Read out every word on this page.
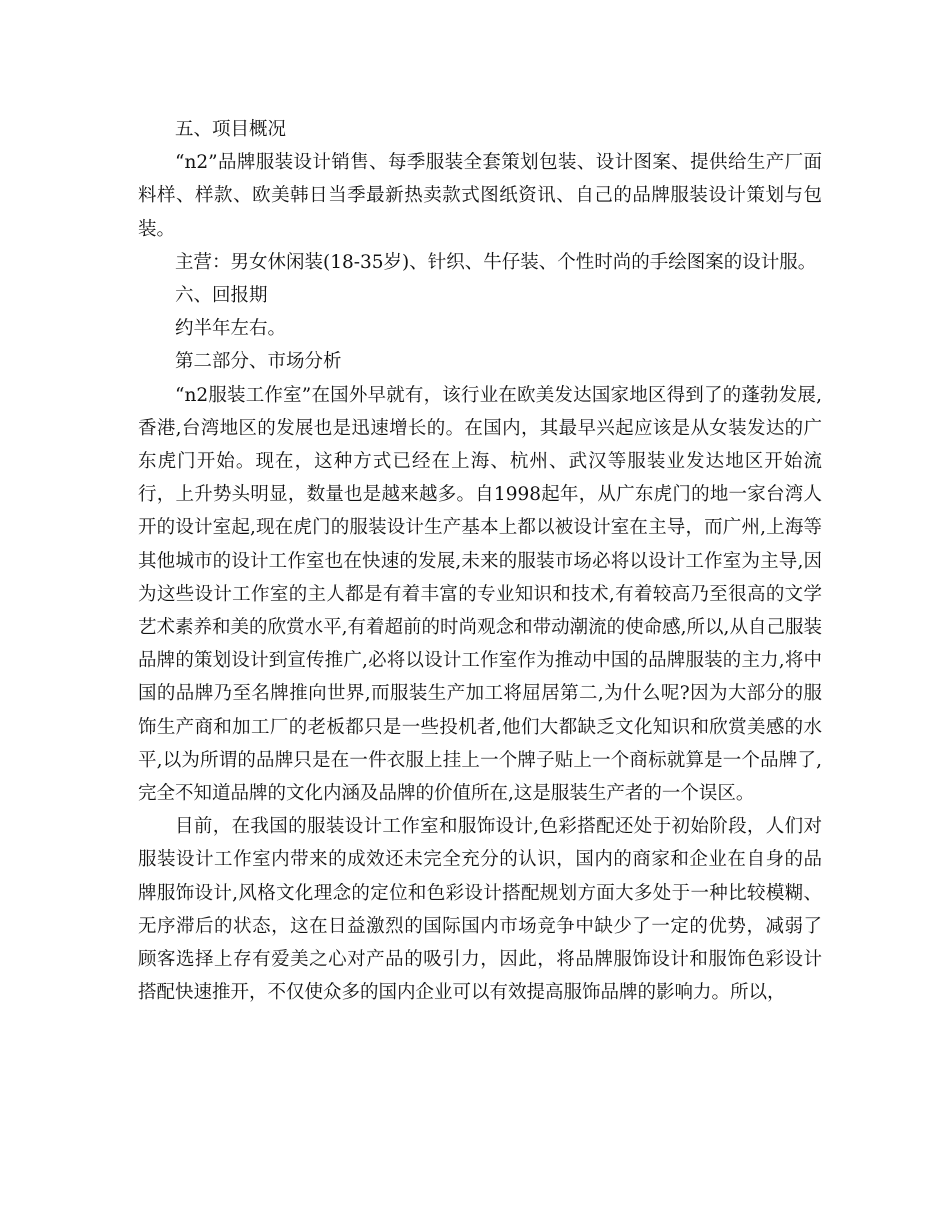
五、项目概况

“n2”品牌服装设计销售、每季服装全套策划包装、设计图案、提供给生产厂面料样、样款、欧美韩日当季最新热卖款式图纸资讯、自己的品牌服装设计策划与包装。

主营：男女休闲装(18-35岁)、针织、牛仔装、个性时尚的手绘图案的设计服。

六、回报期

约半年左右。

第二部分、市场分析

“n2服装工作室”在国外早就有，该行业在欧美发达国家地区得到了的蓬勃发展,香港,台湾地区的发展也是迅速增长的。在国内，其最早兴起应该是从女装发达的广东虎门开始。现在，这种方式已经在上海、杭州、武汉等服装业发达地区开始流行，上升势头明显，数量也是越来越多。自1998起年，从广东虎门的地一家台湾人开的设计室起,现在虎门的服装设计生产基本上都以被设计室在主导，而广州,上海等其他城市的设计工作室也在快速的发展,未来的服装市场必将以设计工作室为主导,因为这些设计工作室的主人都是有着丰富的专业知识和技术,有着较高乃至很高的文学艺术素养和美的欣赏水平,有着超前的时尚观念和带动潮流的使命感,所以,从自己服装品牌的策划设计到宣传推广,必将以设计工作室作为推动中国的品牌服装的主力,将中国的品牌乃至名牌推向世界,而服装生产加工将屈居第二,为什么呢?因为大部分的服饰生产商和加工厂的老板都只是一些投机者,他们大都缺乏文化知识和欣赏美感的水平,以为所谓的品牌只是在一件衣服上挂上一个牌子贴上一个商标就算是一个品牌了,完全不知道品牌的文化内涵及品牌的价值所在,这是服装生产者的一个误区。

目前，在我国的服装设计工作室和服饰设计,色彩搭配还处于初始阶段，人们对服装设计工作室内带来的成效还未完全充分的认识，国内的商家和企业在自身的品牌服饰设计,风格文化理念的定位和色彩设计搭配规划方面大多处于一种比较模糊、无序滞后的状态，这在日益激烈的国际国内市场竞争中缺少了一定的优势，减弱了顾客选择上存有爱美之心对产品的吸引力，因此，将品牌服饰设计和服饰色彩设计搭配快速推开，不仅使众多的国内企业可以有效提高服饰品牌的影响力。所以，
